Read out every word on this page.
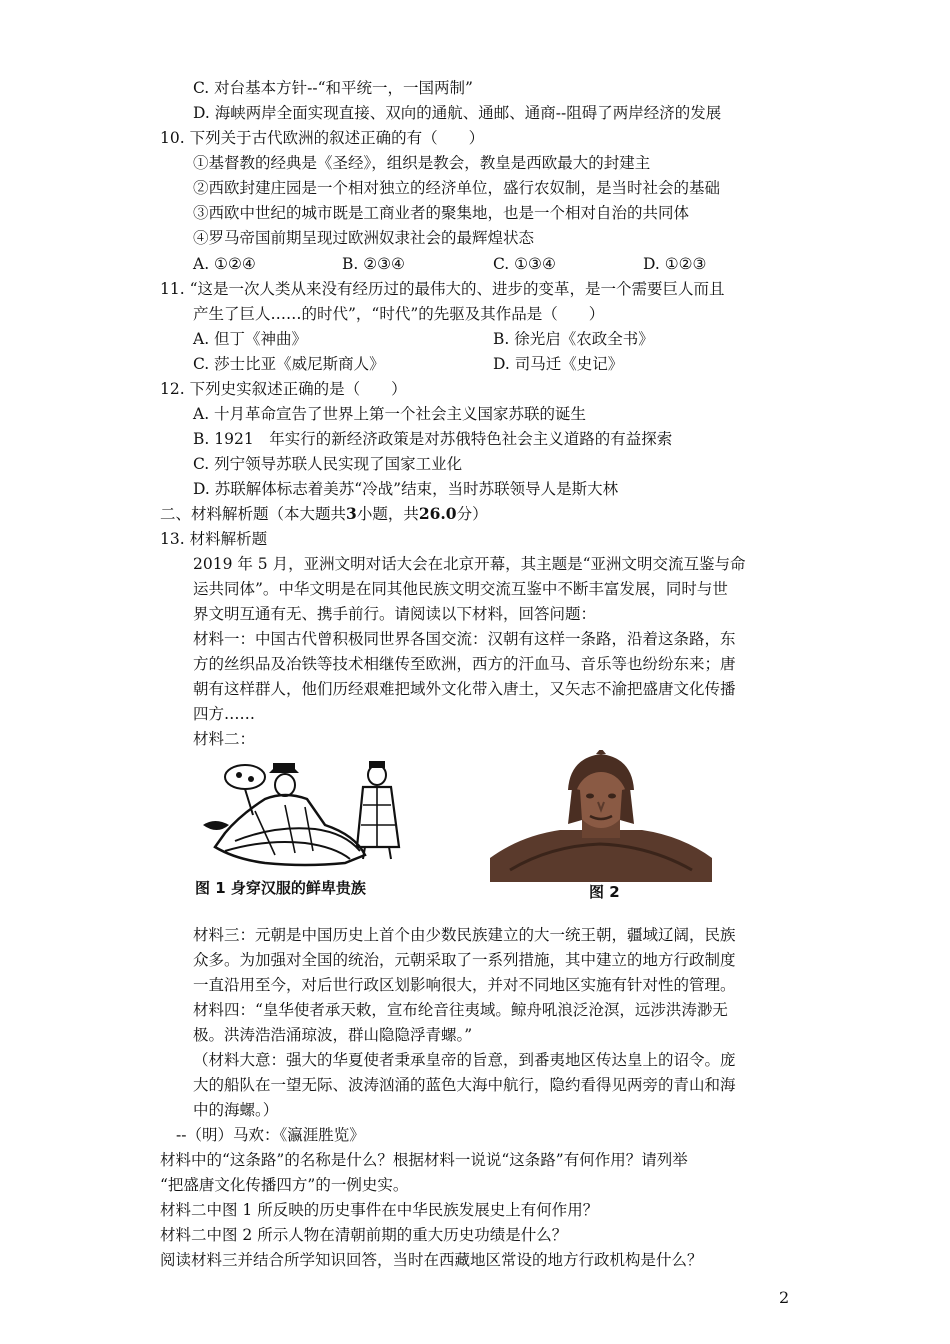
C. 对台基本方针--“和平统一，一国两制”
D. 海峡两岸全面实现直接、双向的通航、通邮、通商--阻碍了两岸经济的发展
10. 下列关于古代欧洲的叙述正确的有（　　）
①基督教的经典是《圣经》，组织是教会，教皇是西欧最大的封建主
②西欧封建庄园是一个相对独立的经济单位，盛行农奴制，是当时社会的基础
③西欧中世纪的城市既是工商业者的聚集地，也是一个相对自治的共同体
④罗马帝国前期呈现过欧洲奴隶社会的最辉煌状态
A. ①②④	B. ②③④	C. ①③④	D. ①②③
11. “这是一次人类从来没有经历过的最伟大的、进步的变革，是一个需要巨人而且
产生了巨人……的时代”，“时代”的先驱及其作品是（　　）
A. 但丁《神曲》	B. 徐光启《农政全书》
C. 莎士比亚《威尼斯商人》	D. 司马迁《史记》
12. 下列史实叙述正确的是（　　）
A. 十月革命宣告了世界上第一个社会主义国家苏联的诞生
B. 1921　年实行的新经济政策是对苏俄特色社会主义道路的有益探索
C. 列宁领导苏联人民实现了国家工业化
D. 苏联解体标志着美苏“冷战”结束，当时苏联领导人是斯大林
二、材料解析题（本大题共3小题，共26.0分）
13. 材料解析题
2019 年 5 月，亚洲文明对话大会在北京开幕，其主题是“亚洲文明交流互鉴与命
运共同体”。中华文明是在同其他民族文明交流互鉴中不断丰富发展，同时与世
界文明互通有无、携手前行。请阅读以下材料，回答问题：
材料一：中国古代曾积极同世界各国交流：汉朝有这样一条路，沿着这条路，东
方的丝织品及冶铁等技术相继传至欧洲，西方的汗血马、音乐等也纷纷东来；唐
朝有这样群人，他们历经艰难把域外文化带入唐土，又矢志不渝把盛唐文化传播
四方……
材料二：
图 1 身穿汉服的鲜卑贵族	图 2
材料三：元朝是中国历史上首个由少数民族建立的大一统王朝，疆域辽阔，民族
众多。为加强对全国的统治，元朝采取了一系列措施，其中建立的地方行政制度
一直沿用至今，对后世行政区划影响很大，并对不同地区实施有针对性的管理。
材料四：“皇华使者承天敕，宣布纶音往夷域。鲸舟吼浪泛沧溟，远涉洪涛渺无
极。洪涛浩浩涌琼波，群山隐隐浮青螺。”
（材料大意：强大的华夏使者秉承皇帝的旨意，到番夷地区传达皇上的诏令。庞
大的船队在一望无际、波涛汹涌的蓝色大海中航行，隐约看得见两旁的青山和海
中的海螺。）
--（明）马欢：《瀛涯胜览》
材料中的“这条路”的名称是什么？根据材料一说说“这条路”有何作用？请列举
“把盛唐文化传播四方”的一例史实。
材料二中图 1 所反映的历史事件在中华民族发展史上有何作用？
材料二中图 2 所示人物在清朝前期的重大历史功绩是什么？
阅读材料三并结合所学知识回答，当时在西藏地区常设的地方行政机构是什么？
2
